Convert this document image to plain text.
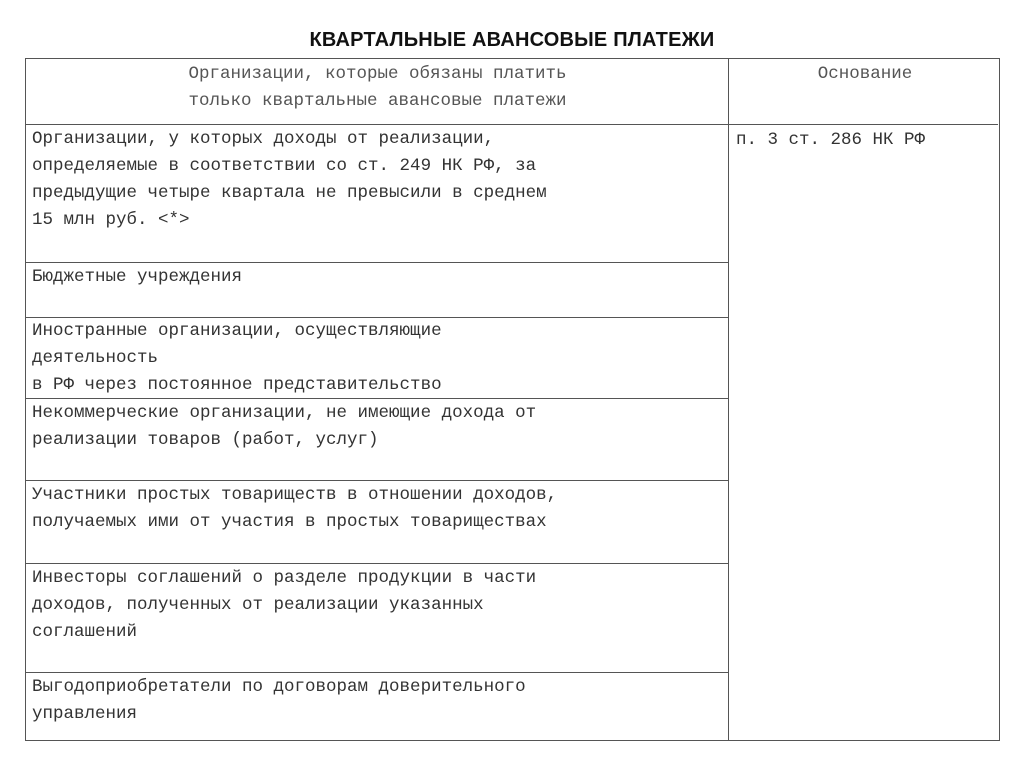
КВАРТАЛЬНЫЕ АВАНСОВЫЕ ПЛАТЕЖИ
Организации, которые обязаны платить
только квартальные авансовые платежи
Основание
п. 3 ст. 286 НК РФ
Организации, у которых доходы от реализации,
определяемые в соответствии со ст. 249 НК РФ, за
предыдущие четыре квартала не превысили в среднем
15 млн руб. <*>
Бюджетные учреждения
Иностранные организации, осуществляющие
деятельность
в РФ через постоянное представительство
Некоммерческие организации, не имеющие дохода от
реализации товаров (работ, услуг)
Участники простых товариществ в отношении доходов,
получаемых ими от участия в простых товариществах
Инвесторы соглашений о разделе продукции в части
доходов, полученных от реализации указанных
соглашений
Выгодоприобретатели по договорам доверительного
управления
